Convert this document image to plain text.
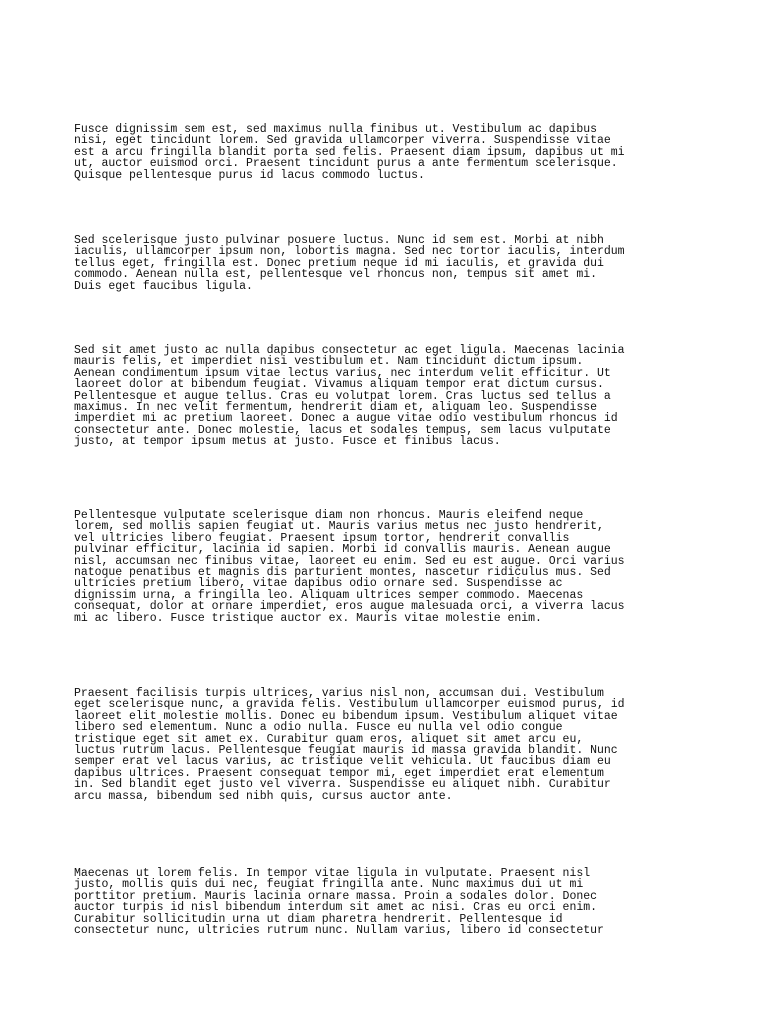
Fusce dignissim sem est, sed maximus nulla finibus ut. Vestibulum ac dapibus
nisi, eget tincidunt lorem. Sed gravida ullamcorper viverra. Suspendisse vitae
est a arcu fringilla blandit porta sed felis. Praesent diam ipsum, dapibus ut mi
ut, auctor euismod orci. Praesent tincidunt purus a ante fermentum scelerisque.
Quisque pellentesque purus id lacus commodo luctus.

Sed scelerisque justo pulvinar posuere luctus. Nunc id sem est. Morbi at nibh
iaculis, ullamcorper ipsum non, lobortis magna. Sed nec tortor iaculis, interdum
tellus eget, fringilla est. Donec pretium neque id mi iaculis, et gravida dui
commodo. Aenean nulla est, pellentesque vel rhoncus non, tempus sit amet mi.
Duis eget faucibus ligula.

Sed sit amet justo ac nulla dapibus consectetur ac eget ligula. Maecenas lacinia
mauris felis, et imperdiet nisi vestibulum et. Nam tincidunt dictum ipsum.
Aenean condimentum ipsum vitae lectus varius, nec interdum velit efficitur. Ut
laoreet dolor at bibendum feugiat. Vivamus aliquam tempor erat dictum cursus.
Pellentesque et augue tellus. Cras eu volutpat lorem. Cras luctus sed tellus a
maximus. In nec velit fermentum, hendrerit diam et, aliquam leo. Suspendisse
imperdiet mi ac pretium laoreet. Donec a augue vitae odio vestibulum rhoncus id
consectetur ante. Donec molestie, lacus et sodales tempus, sem lacus vulputate
justo, at tempor ipsum metus at justo. Fusce et finibus lacus.

Pellentesque vulputate scelerisque diam non rhoncus. Mauris eleifend neque
lorem, sed mollis sapien feugiat ut. Mauris varius metus nec justo hendrerit,
vel ultricies libero feugiat. Praesent ipsum tortor, hendrerit convallis
pulvinar efficitur, lacinia id sapien. Morbi id convallis mauris. Aenean augue
nisl, accumsan nec finibus vitae, laoreet eu enim. Sed eu est augue. Orci varius
natoque penatibus et magnis dis parturient montes, nascetur ridiculus mus. Sed
ultricies pretium libero, vitae dapibus odio ornare sed. Suspendisse ac
dignissim urna, a fringilla leo. Aliquam ultrices semper commodo. Maecenas
consequat, dolor at ornare imperdiet, eros augue malesuada orci, a viverra lacus
mi ac libero. Fusce tristique auctor ex. Mauris vitae molestie enim.

Praesent facilisis turpis ultrices, varius nisl non, accumsan dui. Vestibulum
eget scelerisque nunc, a gravida felis. Vestibulum ullamcorper euismod purus, id
laoreet elit molestie mollis. Donec eu bibendum ipsum. Vestibulum aliquet vitae
libero sed elementum. Nunc a odio nulla. Fusce eu nulla vel odio congue
tristique eget sit amet ex. Curabitur quam eros, aliquet sit amet arcu eu,
luctus rutrum lacus. Pellentesque feugiat mauris id massa gravida blandit. Nunc
semper erat vel lacus varius, ac tristique velit vehicula. Ut faucibus diam eu
dapibus ultrices. Praesent consequat tempor mi, eget imperdiet erat elementum
in. Sed blandit eget justo vel viverra. Suspendisse eu aliquet nibh. Curabitur
arcu massa, bibendum sed nibh quis, cursus auctor ante.

Maecenas ut lorem felis. In tempor vitae ligula in vulputate. Praesent nisl
justo, mollis quis dui nec, feugiat fringilla ante. Nunc maximus dui ut mi
porttitor pretium. Mauris lacinia ornare massa. Proin a sodales dolor. Donec
auctor turpis id nisl bibendum interdum sit amet ac nisi. Cras eu orci enim.
Curabitur sollicitudin urna ut diam pharetra hendrerit. Pellentesque id
consectetur nunc, ultricies rutrum nunc. Nullam varius, libero id consectetur
